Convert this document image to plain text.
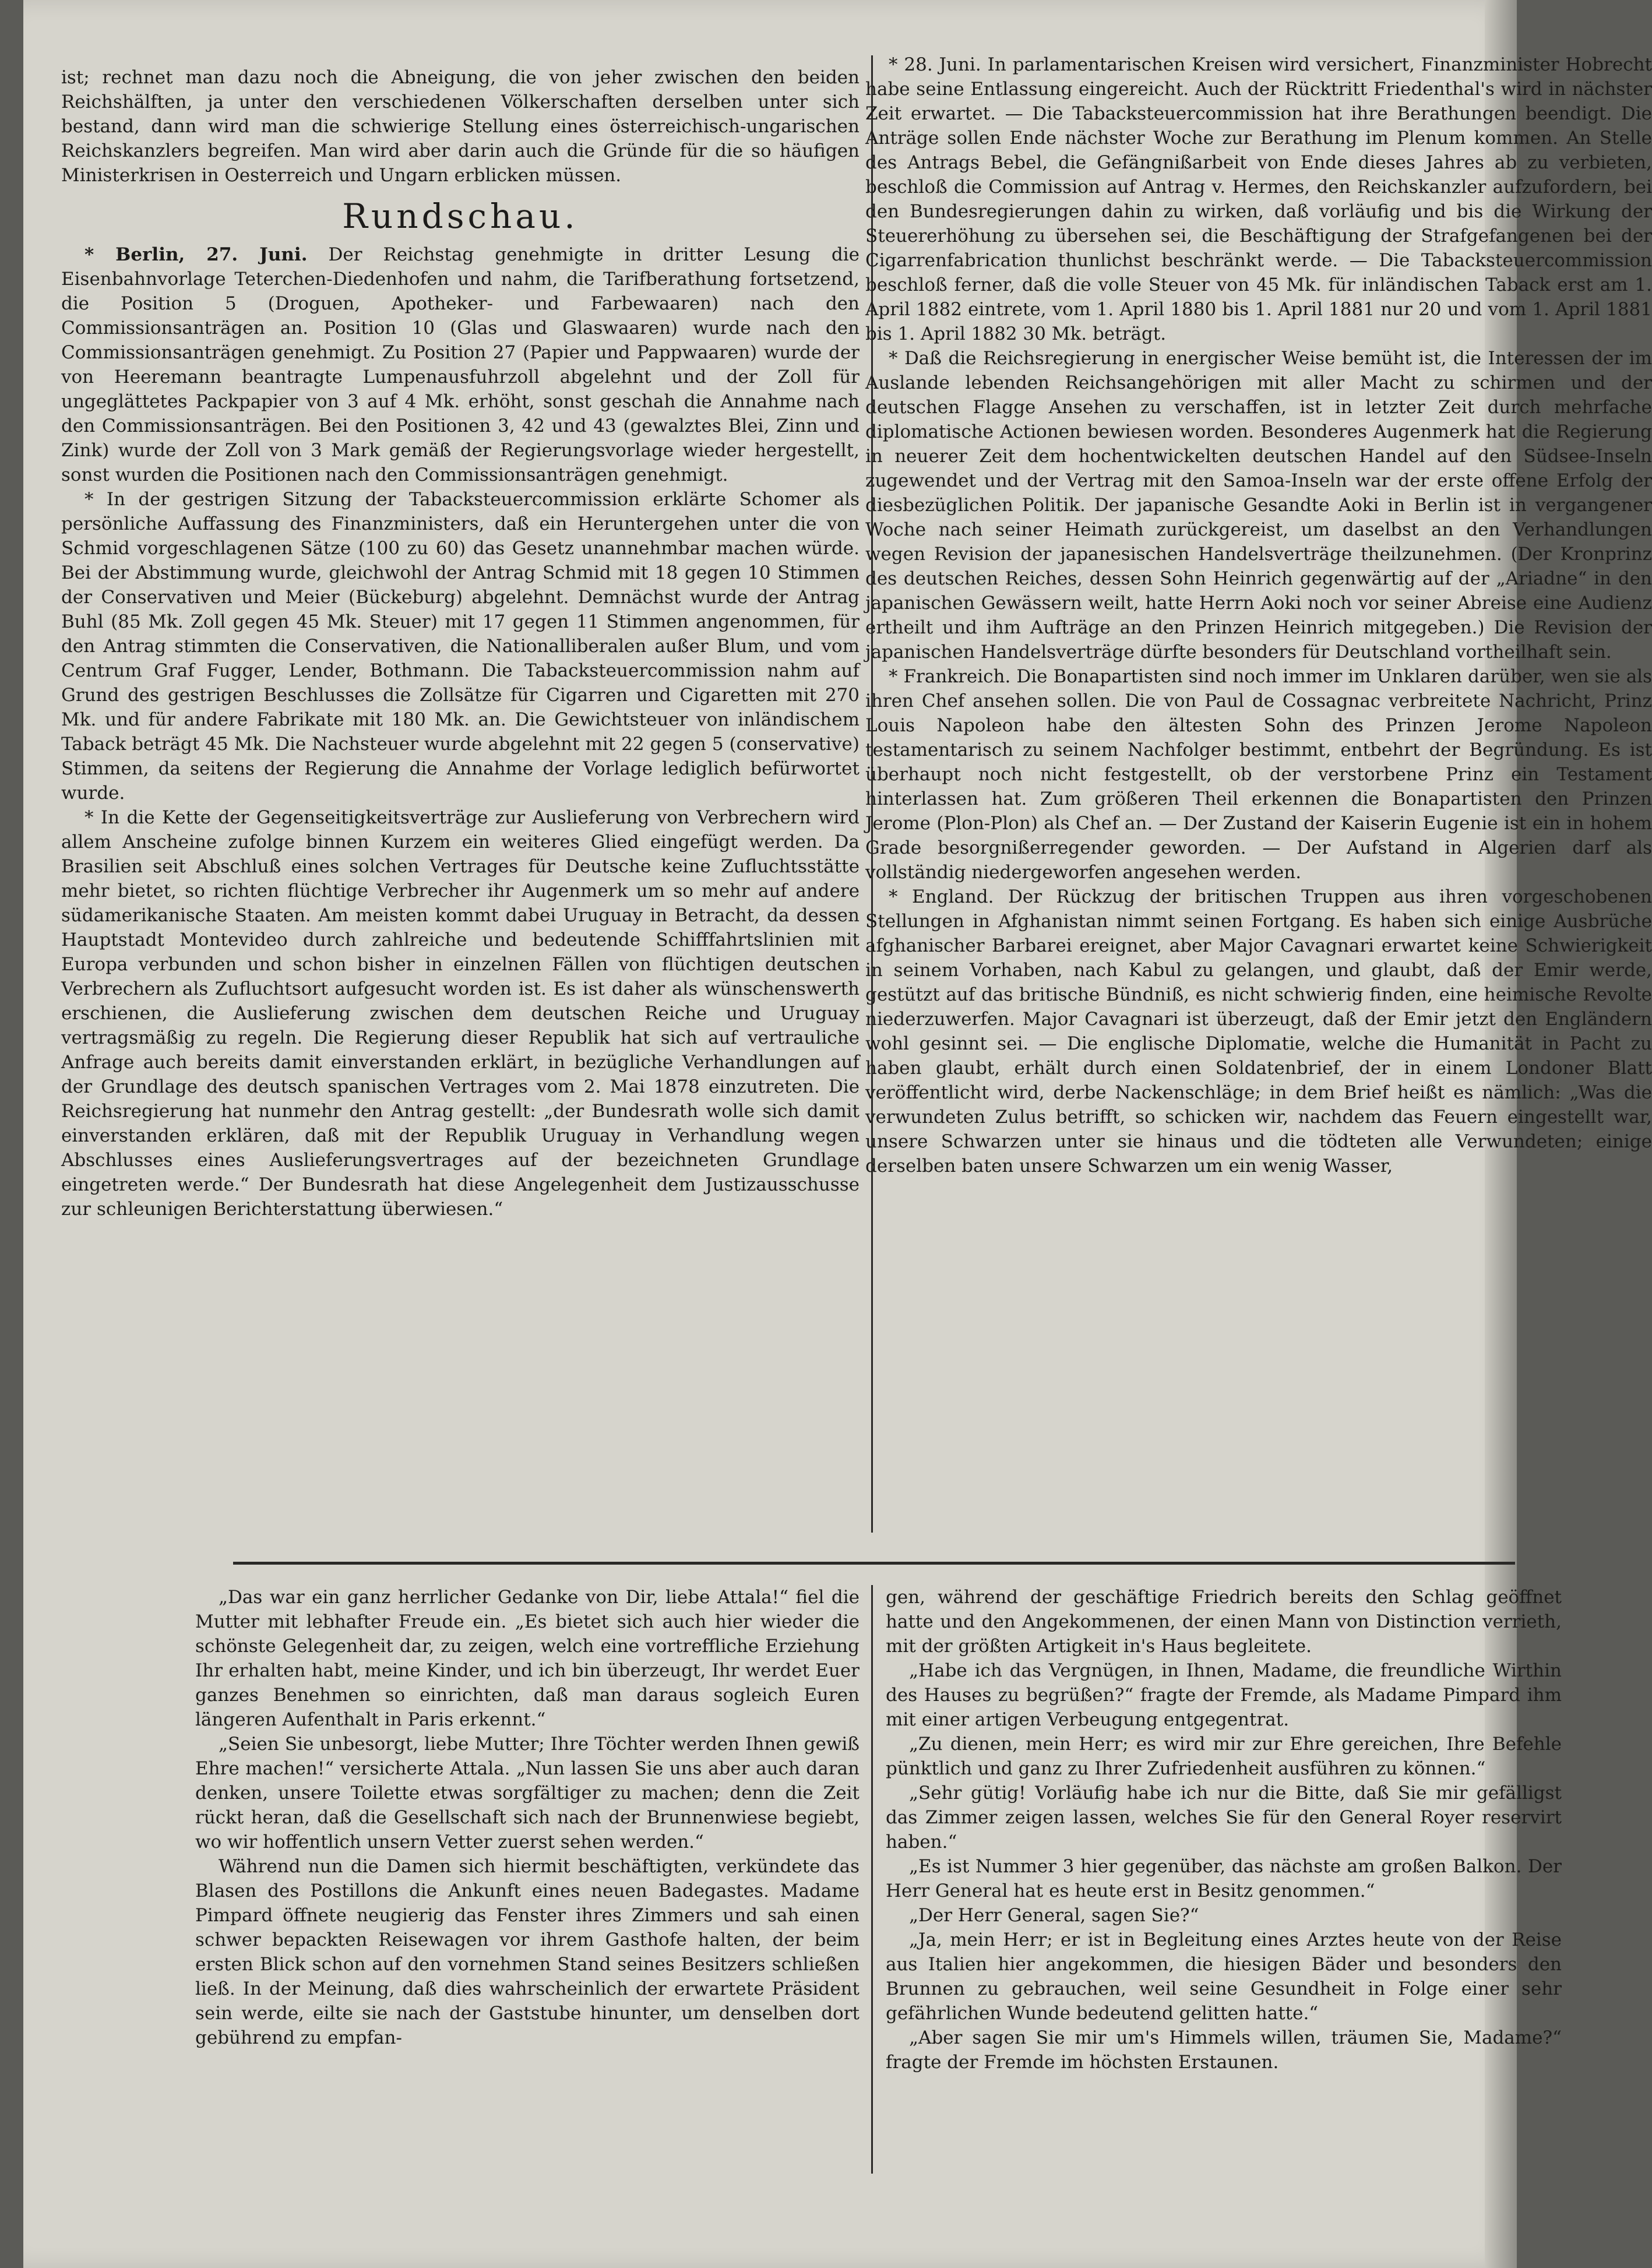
ist; rechnet man dazu noch die Abneigung, die von jeher zwischen den beiden Reichshälften, ja unter den verschiedenen Völkerschaften derselben unter sich bestand, dann wird man die schwierige Stellung eines österreichisch-ungarischen Reichskanzlers begreifen. Man wird aber darin auch die Gründe für die so häufigen Ministerkrisen in Oesterreich und Ungarn erblicken müssen.

Rundschau.

* Berlin, 27. Juni. Der Reichstag genehmigte in dritter Lesung die Eisenbahnvorlage Teterchen-Diedenhofen und nahm, die Tarifberathung fortsetzend, die Position 5 (Droguen, Apotheker- und Farbewaaren) nach den Commissionsanträgen an. Position 10 (Glas und Glaswaaren) wurde nach den Commissionsanträgen genehmigt. Zu Position 27 (Papier und Pappwaaren) wurde der von Heeremann beantragte Lumpenausfuhrzoll abgelehnt und der Zoll für ungeglättetes Packpapier von 3 auf 4 Mk. erhöht, sonst geschah die Annahme nach den Commissionsanträgen. Bei den Positionen 3, 42 und 43 (gewalztes Blei, Zinn und Zink) wurde der Zoll von 3 Mark gemäß der Regierungsvorlage wieder hergestellt, sonst wurden die Positionen nach den Commissionsanträgen genehmigt.

* In der gestrigen Sitzung der Tabacksteuercommission erklärte Schomer als persönliche Auffassung des Finanzministers, daß ein Heruntergehen unter die von Schmid vorgeschlagenen Sätze (100 zu 60) das Gesetz unannehmbar machen würde. Bei der Abstimmung wurde, gleichwohl der Antrag Schmid mit 18 gegen 10 Stimmen der Conservativen und Meier (Bückeburg) abgelehnt. Demnächst wurde der Antrag Buhl (85 Mk. Zoll gegen 45 Mk. Steuer) mit 17 gegen 11 Stimmen angenommen, für den Antrag stimmten die Conservativen, die Nationalliberalen außer Blum, und vom Centrum Graf Fugger, Lender, Bothmann. Die Tabacksteuercommission nahm auf Grund des gestrigen Beschlusses die Zollsätze für Cigarren und Cigaretten mit 270 Mk. und für andere Fabrikate mit 180 Mk. an. Die Gewichtsteuer von inländischem Taback beträgt 45 Mk. Die Nachsteuer wurde abgelehnt mit 22 gegen 5 (conservative) Stimmen, da seitens der Regierung die Annahme der Vorlage lediglich befürwortet wurde.

* In die Kette der Gegenseitigkeitsverträge zur Auslieferung von Verbrechern wird allem Anscheine zufolge binnen Kurzem ein weiteres Glied eingefügt werden. Da Brasilien seit Abschluß eines solchen Vertrages für Deutsche keine Zufluchtsstätte mehr bietet, so richten flüchtige Verbrecher ihr Augenmerk um so mehr auf andere südamerikanische Staaten. Am meisten kommt dabei Uruguay in Betracht, da dessen Hauptstadt Montevideo durch zahlreiche und bedeutende Schifffahrtslinien mit Europa verbunden und schon bisher in einzelnen Fällen von flüchtigen deutschen Verbrechern als Zufluchtsort aufgesucht worden ist. Es ist daher als wünschenswerth erschienen, die Auslieferung zwischen dem deutschen Reiche und Uruguay vertragsmäßig zu regeln. Die Regierung dieser Republik hat sich auf vertrauliche Anfrage auch bereits damit einverstanden erklärt, in bezügliche Verhandlungen auf der Grundlage des deutsch spanischen Vertrages vom 2. Mai 1878 einzutreten. Die Reichsregierung hat nunmehr den Antrag gestellt: „der Bundesrath wolle sich damit einverstanden erklären, daß mit der Republik Uruguay in Verhandlung wegen Abschlusses eines Auslieferungsvertrages auf der bezeichneten Grundlage eingetreten werde.“ Der Bundesrath hat diese Angelegenheit dem Justizausschusse zur schleunigen Berichterstattung überwiesen.“

* 28. Juni. In parlamentarischen Kreisen wird versichert, Finanzminister Hobrecht habe seine Entlassung eingereicht. Auch der Rücktritt Friedenthal's wird in nächster Zeit erwartet. — Die Tabacksteuercommission hat ihre Berathungen beendigt. Die Anträge sollen Ende nächster Woche zur Berathung im Plenum kommen. An Stelle des Antrags Bebel, die Gefängnißarbeit von Ende dieses Jahres ab zu verbieten, beschloß die Commission auf Antrag v. Hermes, den Reichskanzler aufzufordern, bei den Bundesregierungen dahin zu wirken, daß vorläufig und bis die Wirkung der Steuererhöhung zu übersehen sei, die Beschäftigung der Strafgefangenen bei der Cigarrenfabrication thunlichst beschränkt werde. — Die Tabacksteuercommission beschloß ferner, daß die volle Steuer von 45 Mk. für inländischen Taback erst am 1. April 1882 eintrete, vom 1. April 1880 bis 1. April 1881 nur 20 und vom 1. April 1881 bis 1. April 1882 30 Mk. beträgt.

* Daß die Reichsregierung in energischer Weise bemüht ist, die Interessen der im Auslande lebenden Reichsangehörigen mit aller Macht zu schirmen und der deutschen Flagge Ansehen zu verschaffen, ist in letzter Zeit durch mehrfache diplomatische Actionen bewiesen worden. Besonderes Augenmerk hat die Regierung in neuerer Zeit dem hochentwickelten deutschen Handel auf den Südsee-Inseln zugewendet und der Vertrag mit den Samoa-Inseln war der erste offene Erfolg der diesbezüglichen Politik. Der japanische Gesandte Aoki in Berlin ist in vergangener Woche nach seiner Heimath zurückgereist, um daselbst an den Verhandlungen wegen Revision der japanesischen Handelsverträge theilzunehmen. (Der Kronprinz des deutschen Reiches, dessen Sohn Heinrich gegenwärtig auf der „Ariadne“ in den japanischen Gewässern weilt, hatte Herrn Aoki noch vor seiner Abreise eine Audienz ertheilt und ihm Aufträge an den Prinzen Heinrich mitgegeben.) Die Revision der japanischen Handelsverträge dürfte besonders für Deutschland vortheilhaft sein.

* Frankreich. Die Bonapartisten sind noch immer im Unklaren darüber, wen sie als ihren Chef ansehen sollen. Die von Paul de Cossagnac verbreitete Nachricht, Prinz Louis Napoleon habe den ältesten Sohn des Prinzen Jerome Napoleon testamentarisch zu seinem Nachfolger bestimmt, entbehrt der Begründung. Es ist überhaupt noch nicht festgestellt, ob der verstorbene Prinz ein Testament hinterlassen hat. Zum größeren Theil erkennen die Bonapartisten den Prinzen Jerome (Plon-Plon) als Chef an. — Der Zustand der Kaiserin Eugenie ist ein in hohem Grade besorgnißerregender geworden. — Der Aufstand in Algerien darf als vollständig niedergeworfen angesehen werden.

* England. Der Rückzug der britischen Truppen aus ihren vorgeschobenen Stellungen in Afghanistan nimmt seinen Fortgang. Es haben sich einige Ausbrüche afghanischer Barbarei ereignet, aber Major Cavagnari erwartet keine Schwierigkeit in seinem Vorhaben, nach Kabul zu gelangen, und glaubt, daß der Emir werde, gestützt auf das britische Bündniß, es nicht schwierig finden, eine heimische Revolte niederzuwerfen. Major Cavagnari ist überzeugt, daß der Emir jetzt den Engländern wohl gesinnt sei. — Die englische Diplomatie, welche die Humanität in Pacht zu haben glaubt, erhält durch einen Soldatenbrief, der in einem Londoner Blatt veröffentlicht wird, derbe Nackenschläge; in dem Brief heißt es nämlich: „Was die verwundeten Zulus betrifft, so schicken wir, nachdem das Feuern eingestellt war, unsere Schwarzen unter sie hinaus und die tödteten alle Verwundeten; einige derselben baten unsere Schwarzen um ein wenig Wasser,

„Das war ein ganz herrlicher Gedanke von Dir, liebe Attala!“ fiel die Mutter mit lebhafter Freude ein. „Es bietet sich auch hier wieder die schönste Gelegenheit dar, zu zeigen, welch eine vortreffliche Erziehung Ihr erhalten habt, meine Kinder, und ich bin überzeugt, Ihr werdet Euer ganzes Benehmen so einrichten, daß man daraus sogleich Euren längeren Aufenthalt in Paris erkennt.“

„Seien Sie unbesorgt, liebe Mutter; Ihre Töchter werden Ihnen gewiß Ehre machen!“ versicherte Attala. „Nun lassen Sie uns aber auch daran denken, unsere Toilette etwas sorgfältiger zu machen; denn die Zeit rückt heran, daß die Gesellschaft sich nach der Brunnenwiese begiebt, wo wir hoffentlich unsern Vetter zuerst sehen werden.“

Während nun die Damen sich hiermit beschäftigten, verkündete das Blasen des Postillons die Ankunft eines neuen Badegastes. Madame Pimpard öffnete neugierig das Fenster ihres Zimmers und sah einen schwer bepackten Reisewagen vor ihrem Gasthofe halten, der beim ersten Blick schon auf den vornehmen Stand seines Besitzers schließen ließ. In der Meinung, daß dies wahrscheinlich der erwartete Präsident sein werde, eilte sie nach der Gaststube hinunter, um denselben dort gebührend zu empfan-

gen, während der geschäftige Friedrich bereits den Schlag geöffnet hatte und den Angekommenen, der einen Mann von Distinction verrieth, mit der größten Artigkeit in's Haus begleitete.

„Habe ich das Vergnügen, in Ihnen, Madame, die freundliche Wirthin des Hauses zu begrüßen?“ fragte der Fremde, als Madame Pimpard ihm mit einer artigen Verbeugung entgegentrat.

„Zu dienen, mein Herr; es wird mir zur Ehre gereichen, Ihre Befehle pünktlich und ganz zu Ihrer Zufriedenheit ausführen zu können.“

„Sehr gütig! Vorläufig habe ich nur die Bitte, daß Sie mir gefälligst das Zimmer zeigen lassen, welches Sie für den General Royer reservirt haben.“

„Es ist Nummer 3 hier gegenüber, das nächste am großen Balkon. Der Herr General hat es heute erst in Besitz genommen.“

„Der Herr General, sagen Sie?“

„Ja, mein Herr; er ist in Begleitung eines Arztes heute von der Reise aus Italien hier angekommen, die hiesigen Bäder und besonders den Brunnen zu gebrauchen, weil seine Gesundheit in Folge einer sehr gefährlichen Wunde bedeutend gelitten hatte.“

„Aber sagen Sie mir um's Himmels willen, träumen Sie, Madame?“ fragte der Fremde im höchsten Erstaunen.
